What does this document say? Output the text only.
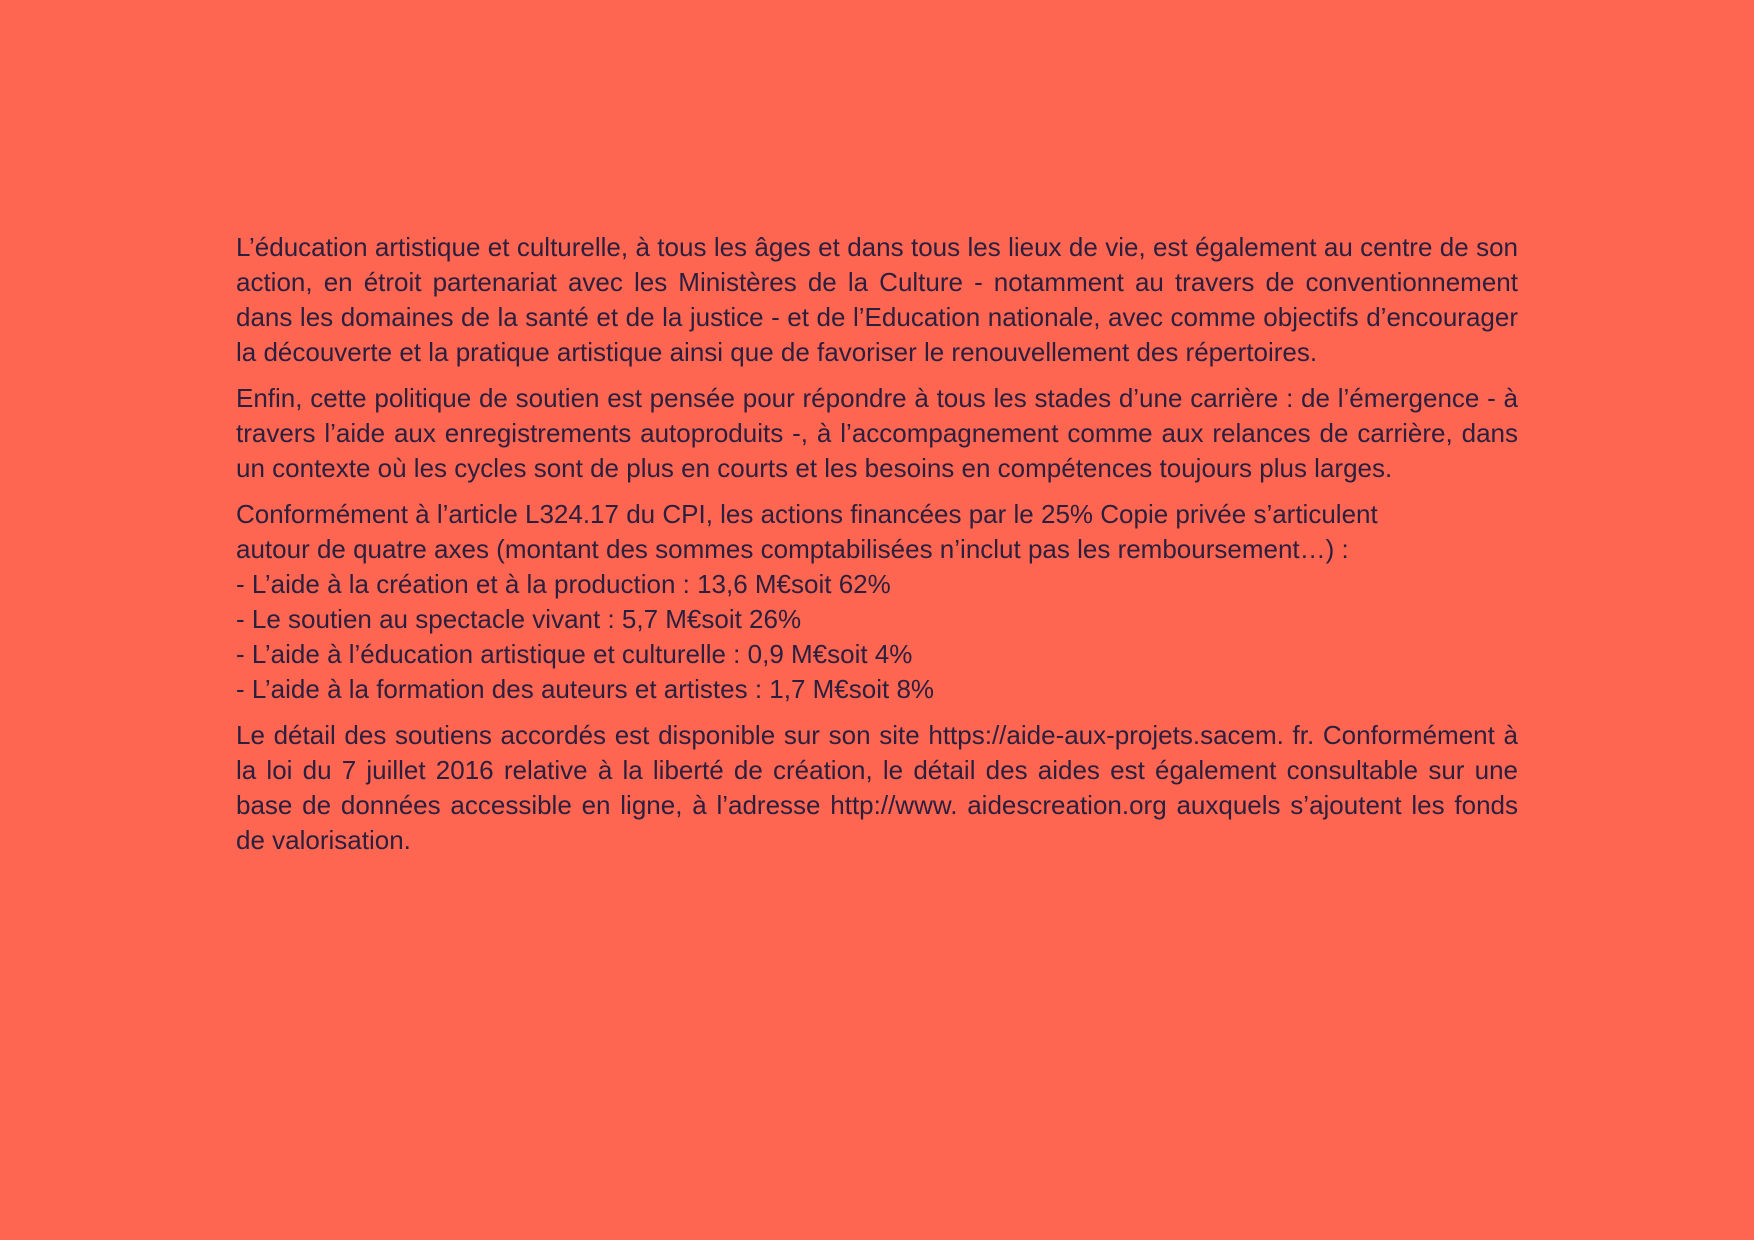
L’éducation artistique et culturelle, à tous les âges et dans tous les lieux de vie, est également au centre de son action, en étroit partenariat avec les Ministères de la Culture - notamment au travers de conventionnement dans les domaines de la santé et de la justice - et de l’Education nationale, avec comme objectifs d’encourager la découverte et la pratique artistique ainsi que de favoriser le renouvellement des répertoires.

Enfin, cette politique de soutien est pensée pour répondre à tous les stades d’une carrière : de l’émergence - à travers l’aide aux enregistrements autoproduits -, à l’accompagnement comme aux relances de carrière, dans un contexte où les cycles sont de plus en courts et les besoins en compétences toujours plus larges.

Conformément à l’article L324.17 du CPI, les actions financées par le 25% Copie privée s’articulent
autour de quatre axes (montant des sommes comptabilisées n’inclut pas les remboursement…) :
- L’aide à la création et à la production : 13,6 M€soit 62%
- Le soutien au spectacle vivant : 5,7 M€soit 26%
- L’aide à l’éducation artistique et culturelle : 0,9 M€soit 4%
- L’aide à la formation des auteurs et artistes : 1,7 M€soit 8%

Le détail des soutiens accordés est disponible sur son site https://aide-aux-projets.sacem. fr. Conformément à la loi du 7 juillet 2016 relative à la liberté de création, le détail des aides est également consultable sur une base de données accessible en ligne, à l’adresse http://www. aidescreation.org auxquels s’ajoutent les fonds de valorisation.
